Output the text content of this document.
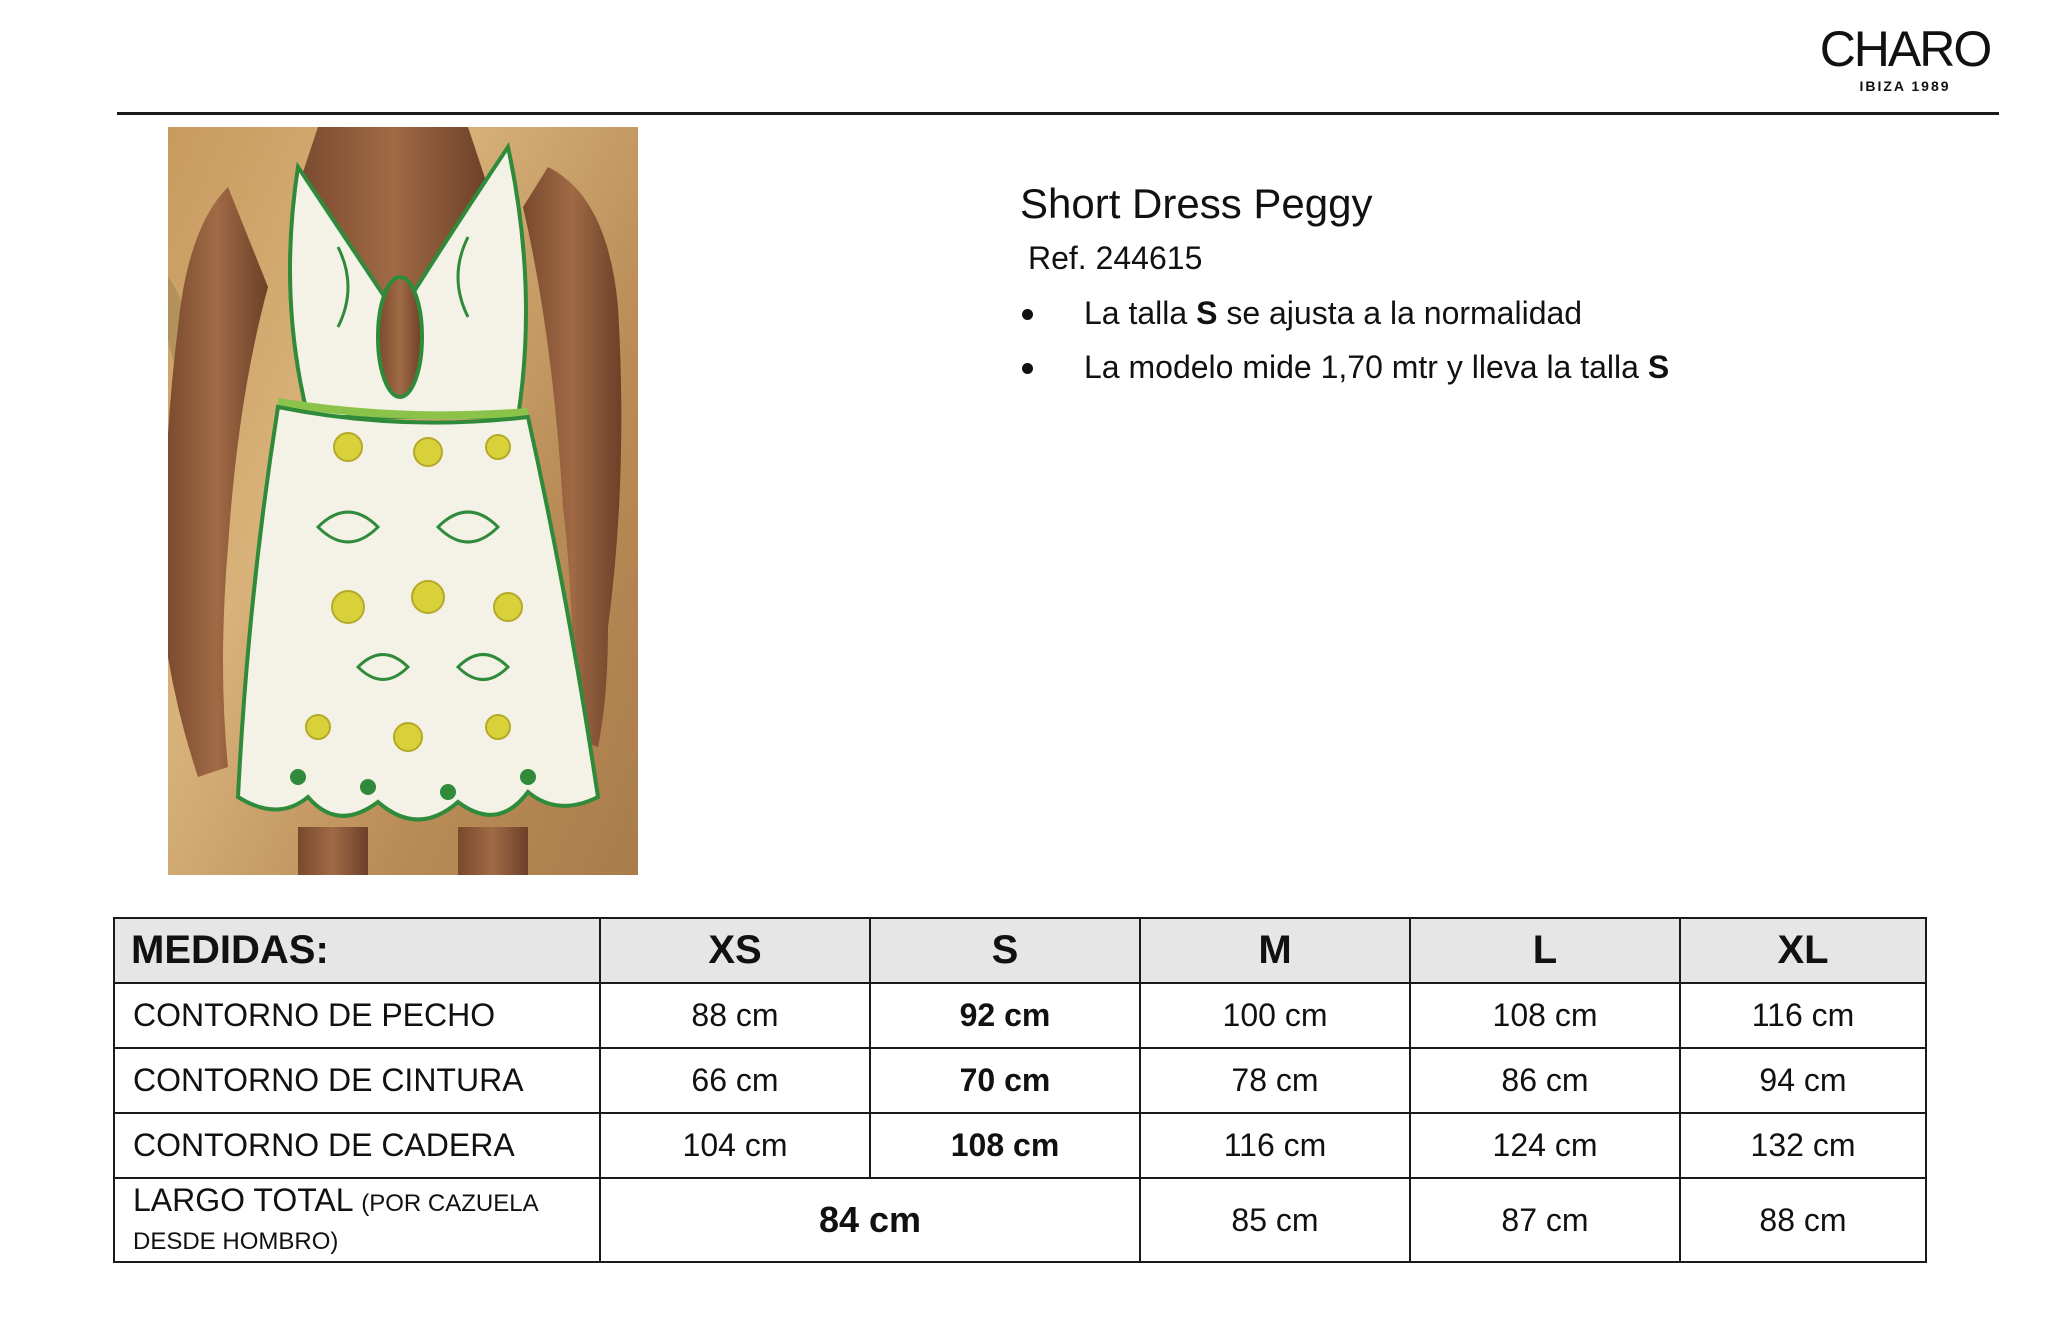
CHARO
IBIZA 1989
Short Dress Peggy
Ref. 244615
La talla S se ajusta a la normalidad
La modelo mide 1,70 mtr y lleva la talla S
MEDIDAS:	XS	S	M	L	XL
CONTORNO DE PECHO	88 cm	92 cm	100 cm	108 cm	116 cm
CONTORNO DE CINTURA	66 cm	70 cm	78 cm	86 cm	94 cm
CONTORNO DE CADERA	104 cm	108 cm	116 cm	124 cm	132 cm
LARGO TOTAL (POR CAZUELA DESDE HOMBRO)	84 cm		85 cm	87 cm	88 cm
